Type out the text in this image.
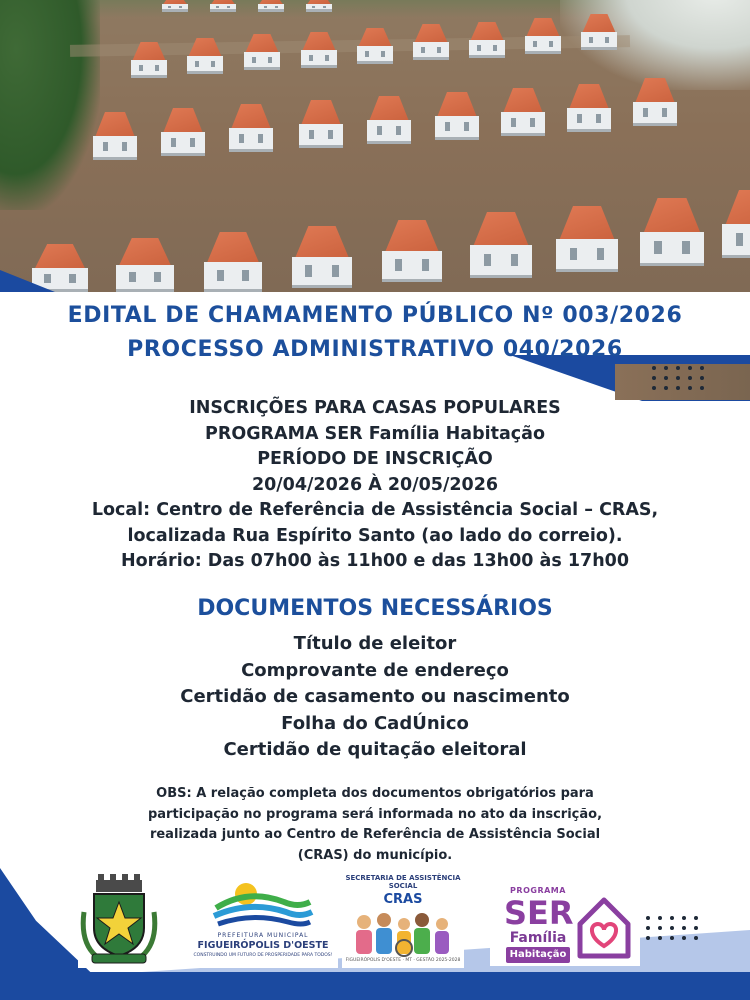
EDITAL DE CHAMAMENTO PÚBLICO Nº 003/2026
PROCESSO ADMINISTRATIVO 040/2026
INSCRIÇÕES PARA CASAS POPULARES
PROGRAMA SER Família Habitação
PERÍODO DE INSCRIÇÃO
20/04/2026 À 20/05/2026
Local: Centro de Referência de Assistência Social – CRAS,
localizada Rua Espírito Santo (ao lado do correio).
Horário: Das 07h00 às 11h00 e das 13h00 às 17h00
DOCUMENTOS NECESSÁRIOS
Título de eleitor
Comprovante de endereço
Certidão de casamento ou nascimento
Folha do CadÚnico
Certidão de quitação eleitoral
OBS: A relação completa dos documentos obrigatórios para
participação no programa será informada no ato da inscrição,
realizada junto ao Centro de Referência de Assistência Social
(CRAS) do município.
PREFEITURA MUNICIPAL
FIGUEIRÓPOLIS D'OESTE
CONSTRUINDO UM FUTURO DE PROSPERIDADE PARA TODOS!
SECRETARIA DE ASSISTÊNCIA SOCIAL
CRAS
FIGUEIRÓPOLIS D'OESTE · MT · GESTÃO 2025-2028
PROGRAMA
SER
Família
Habitação
